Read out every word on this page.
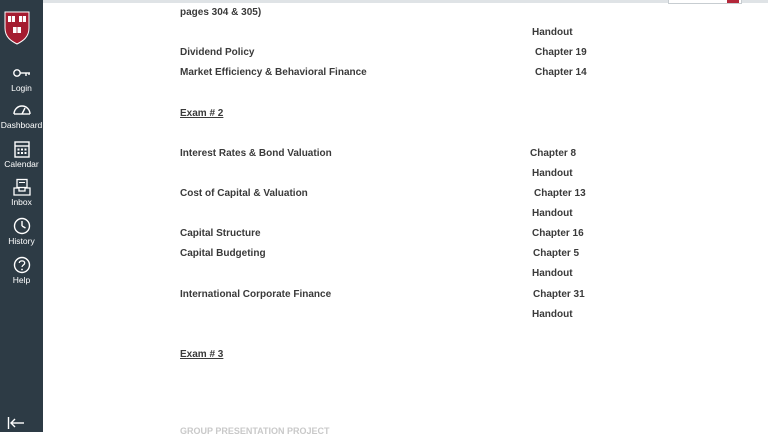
pages 304 & 305)
Handout
Dividend Policy	Chapter 19
Market Efficiency & Behavioral Finance	Chapter 14
Exam # 2
Interest Rates & Bond Valuation	Chapter 8
Handout
Cost of Capital & Valuation	Chapter 13
Handout
Capital Structure	Chapter 16
Capital Budgeting	Chapter 5
Handout
International Corporate Finance	Chapter 31
Handout
Exam # 3
GROUP PRESENTATION PROJECT
Login
Dashboard
Calendar
Inbox
History
Help
